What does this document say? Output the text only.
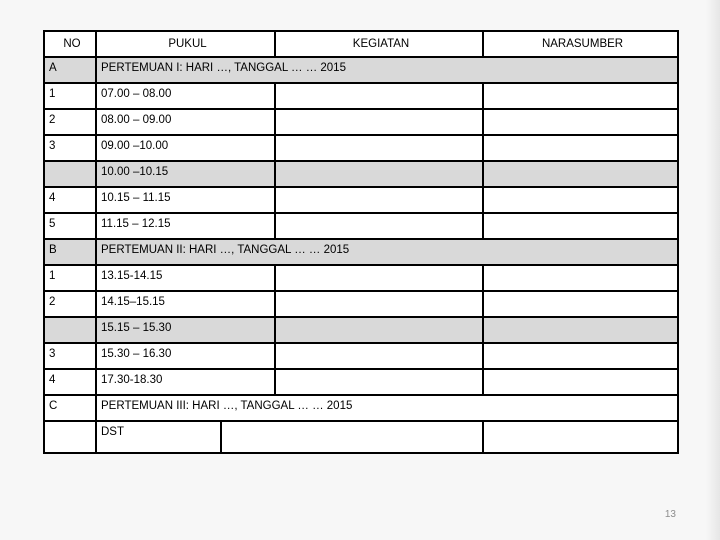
NO	PUKUL		KEGIATAN	NARASUMBER
A	PERTEMUAN I: HARI …, TANGGAL … … 2015			
1	07.00 – 08.00			
2	08.00 – 09.00			
3	09.00 –10.00			
	10.00 –10.15			
4	10.15 – 11.15			
5	11.15 – 12.15			
B	PERTEMUAN II: HARI …, TANGGAL … … 2015			
1	13.15-14.15			
2	14.15–15.15			
	15.15 – 15.30			
3	15.30 – 16.30			
4	17.30-18.30			
C	PERTEMUAN III: HARI …, TANGGAL … … 2015			
	DST			
13
